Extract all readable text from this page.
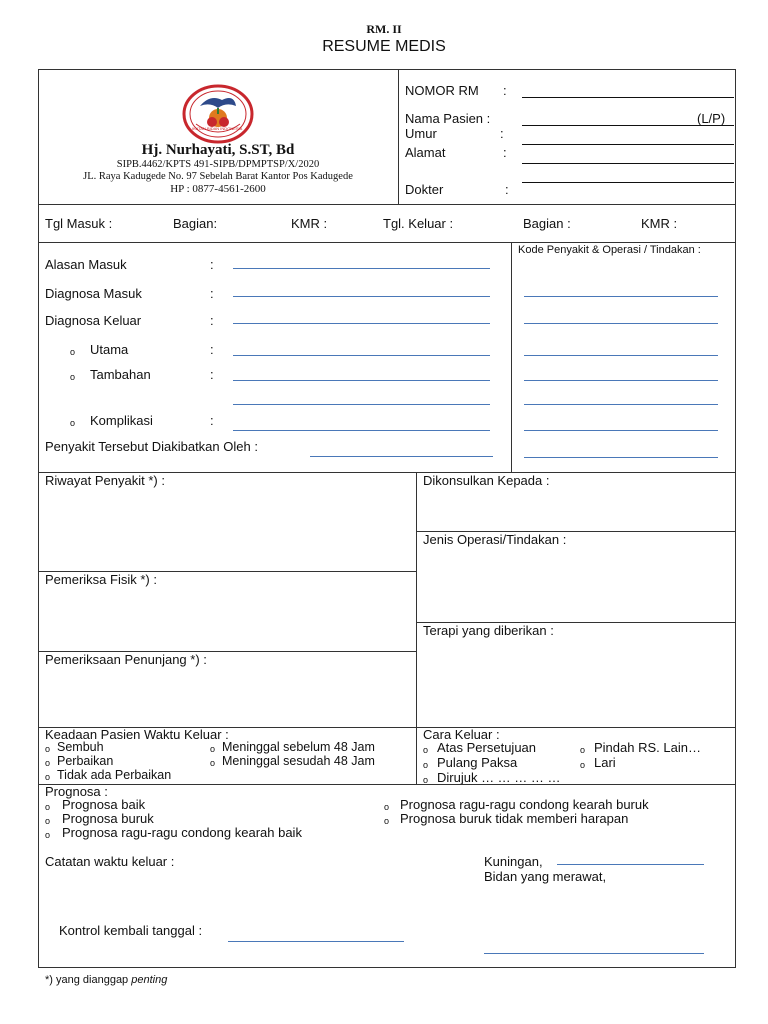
RM. II
RESUME MEDIS
IKATAN BIDAN INDONESIA
Hj. Nurhayati, S.ST, Bd
SIPB.4462/KPTS 491-SIPB/DPMPTSP/X/2020
JL. Raya Kadugede No. 97 Sebelah Barat Kantor Pos Kadugede
HP : 0877-4561-2600
NOMOR RM :
Nama Pasien :	(L/P)
Umur	:
Alamat	:
Dokter	:
Tgl Masuk :	Bagian:	KMR :	Tgl. Keluar :	Bagian :	KMR :
Kode Penyakit & Operasi / Tindakan :
Alasan Masuk	:
Diagnosa Masuk	:
Diagnosa Keluar	:
o Utama	:
o Tambahan	:
o Komplikasi	:
Penyakit Tersebut Diakibatkan Oleh :
Riwayat Penyakit *) :	Dikonsulkan Kepada :
Jenis Operasi/Tindakan :
Pemeriksa Fisik *) :
Terapi yang diberikan :
Pemeriksaan Penunjang *) :
Keadaan Pasien Waktu Keluar :
o Sembuh
o Perbaikan
o Tidak ada Perbaikan
o Meninggal sebelum 48 Jam
o Meninggal sesudah 48 Jam
Cara Keluar :
o Atas Persetujuan
o Pulang Paksa
o Dirujuk … … … … …
o Pindah RS. Lain…
o Lari
Prognosa :
o Prognosa baik
o Prognosa buruk
o Prognosa ragu-ragu condong kearah baik
o Prognosa ragu-ragu condong kearah buruk
o Prognosa buruk tidak memberi harapan
Catatan waktu keluar :	Kuningan,
Bidan yang merawat,
Kontrol kembali tanggal :
*) yang dianggap penting
